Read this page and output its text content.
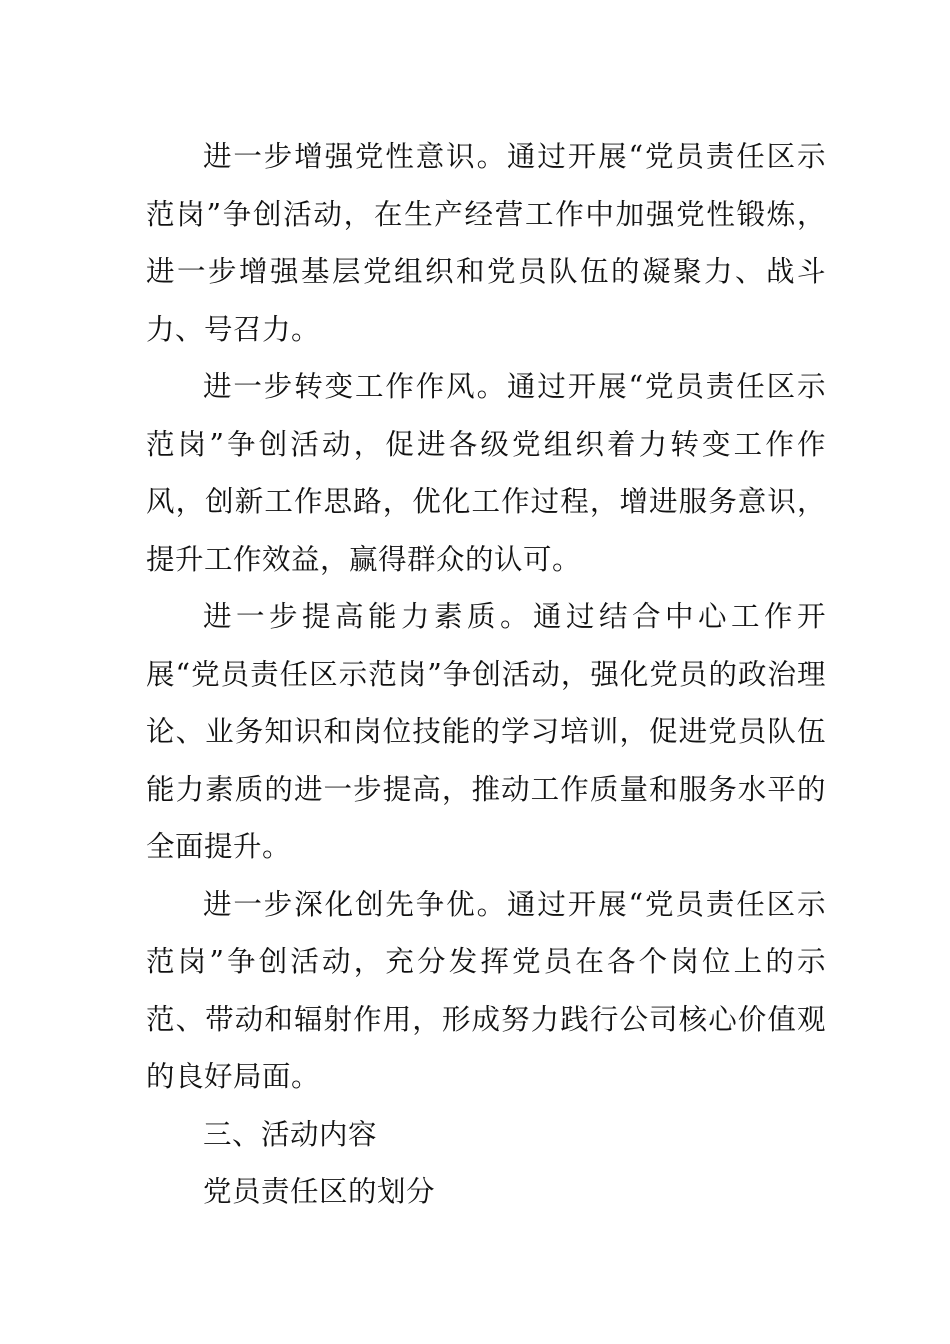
进一步增强党性意识。通过开展“党员责任区示范岗”争创活动，在生产经营工作中加强党性锻炼，进一步增强基层党组织和党员队伍的凝聚力、战斗力、号召力。

进一步转变工作作风。通过开展“党员责任区示范岗”争创活动，促进各级党组织着力转变工作作风，创新工作思路，优化工作过程，增进服务意识，提升工作效益，赢得群众的认可。

进一步提高能力素质。通过结合中心工作开展“党员责任区示范岗”争创活动，强化党员的政治理论、业务知识和岗位技能的学习培训，促进党员队伍能力素质的进一步提高，推动工作质量和服务水平的全面提升。

进一步深化创先争优。通过开展“党员责任区示范岗”争创活动，充分发挥党员在各个岗位上的示范、带动和辐射作用，形成努力践行公司核心价值观的良好局面。

三、活动内容

党员责任区的划分
